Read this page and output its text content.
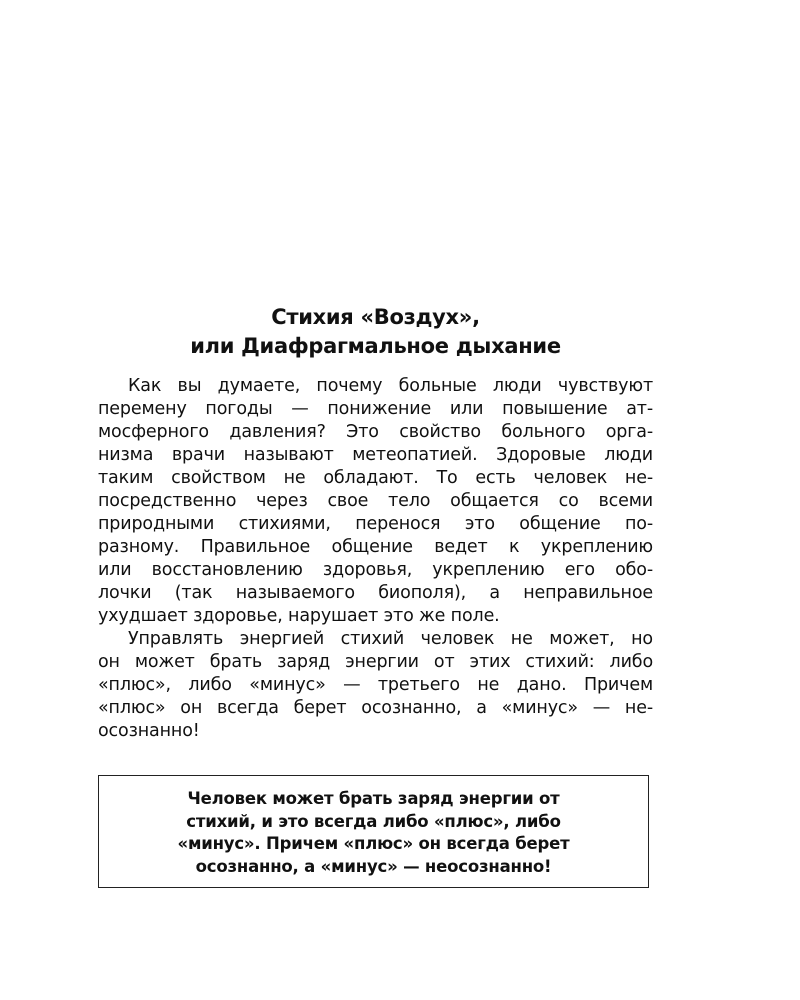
Стихия «Воздух»,
или Диафрагмальное дыхание
Как вы думаете, почему больные люди чувствуют
перемену погоды — понижение или повышение ат-
мосферного давления? Это свойство больного орга-
низма врачи называют метеопатией. Здоровые люди
таким свойством не обладают. То есть человек не-
посредственно через свое тело общается со всеми
природными стихиями, перенося это общение по-
разному. Правильное общение ведет к укреплению
или восстановлению здоровья, укреплению его обо-
лочки (так называемого биополя), а неправильное
ухудшает здоровье, нарушает это же поле.
Управлять энергией стихий человек не может, но
он может брать заряд энергии от этих стихий: либо
«плюс», либо «минус» — третьего не дано. Причем
«плюс» он всегда берет осознанно, а «минус» — не-
осознанно!
Человек может брать заряд энергии от
стихий, и это всегда либо «плюс», либо
«минус». Причем «плюс» он всегда берет
осознанно, а «минус» — неосознанно!
